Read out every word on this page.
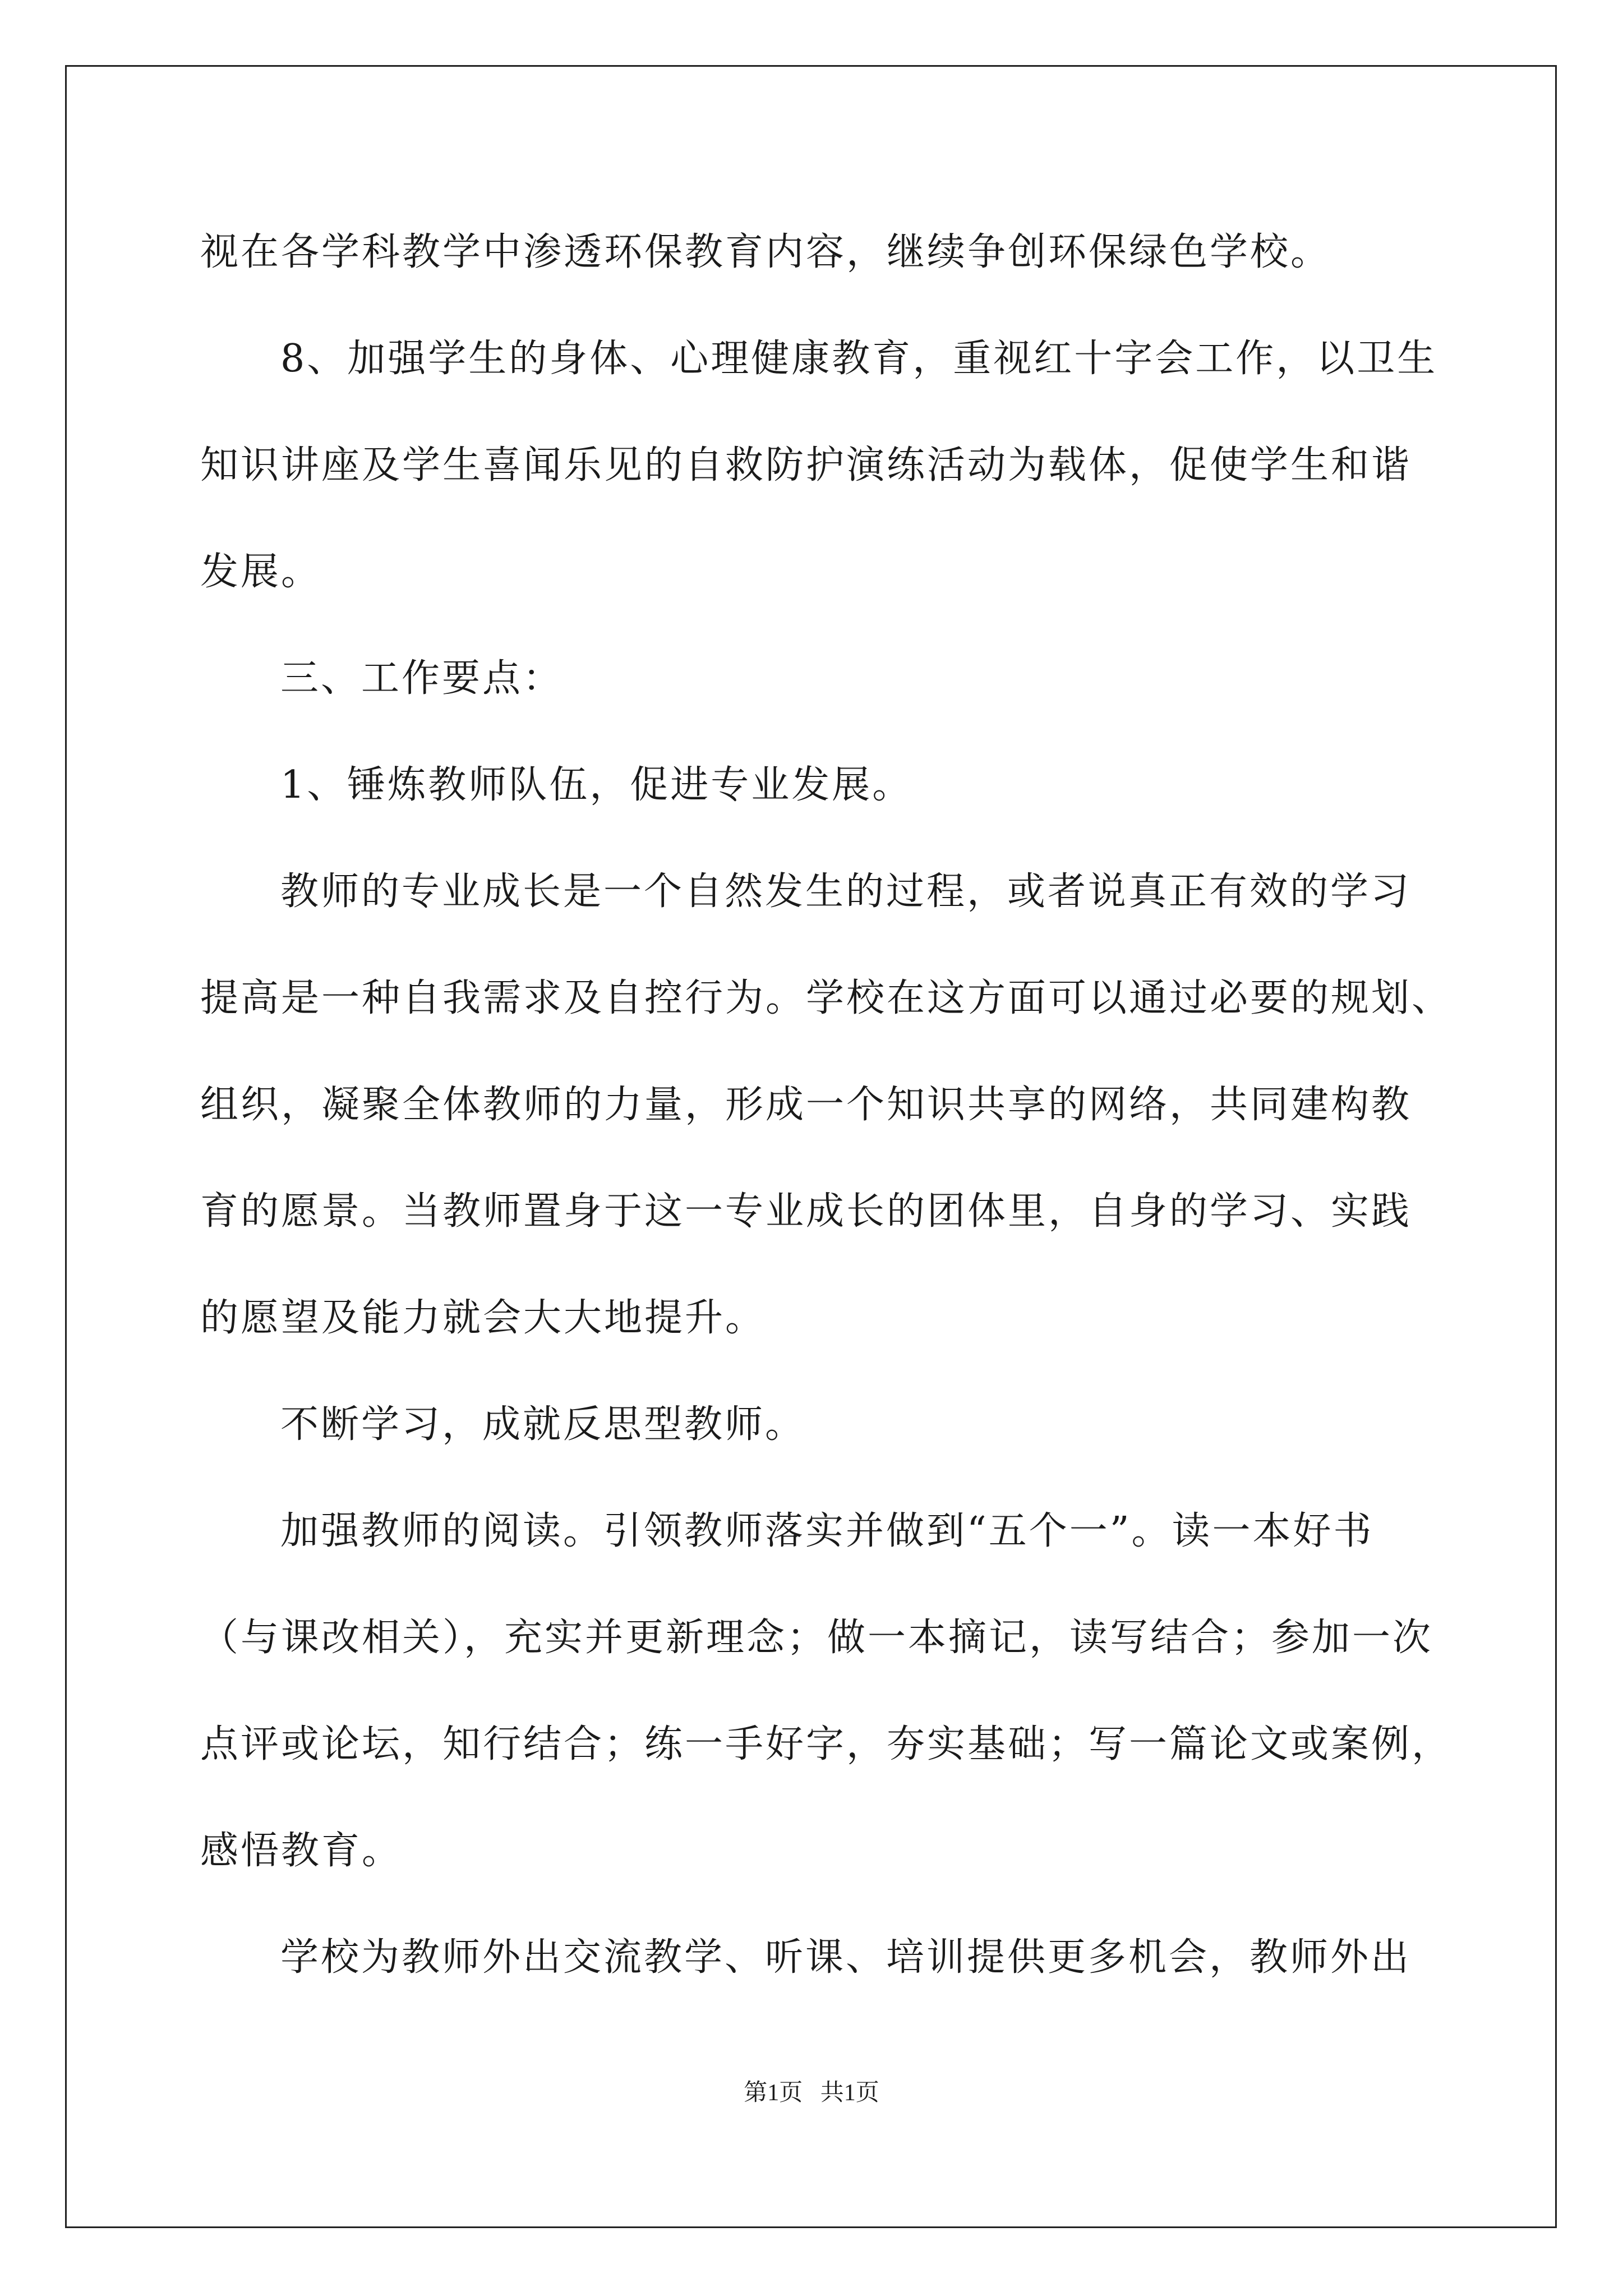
视在各学科教学中渗透环保教育内容，继续争创环保绿色学校。
8、加强学生的身体、心理健康教育，重视红十字会工作，以卫生
知识讲座及学生喜闻乐见的自救防护演练活动为载体，促使学生和谐
发展。
三、工作要点：
1、锤炼教师队伍，促进专业发展。
教师的专业成长是一个自然发生的过程，或者说真正有效的学习
提高是一种自我需求及自控行为。学校在这方面可以通过必要的规划、
组织，凝聚全体教师的力量，形成一个知识共享的网络，共同建构教
育的愿景。当教师置身于这一专业成长的团体里，自身的学习、实践
的愿望及能力就会大大地提升。
不断学习，成就反思型教师。
加强教师的阅读。引领教师落实并做到“五个一”。读一本好书
（与课改相关），充实并更新理念；做一本摘记，读写结合；参加一次
点评或论坛，知行结合；练一手好字，夯实基础；写一篇论文或案例，
感悟教育。
学校为教师外出交流教学、听课、培训提供更多机会，教师外出
第1页   共1页
